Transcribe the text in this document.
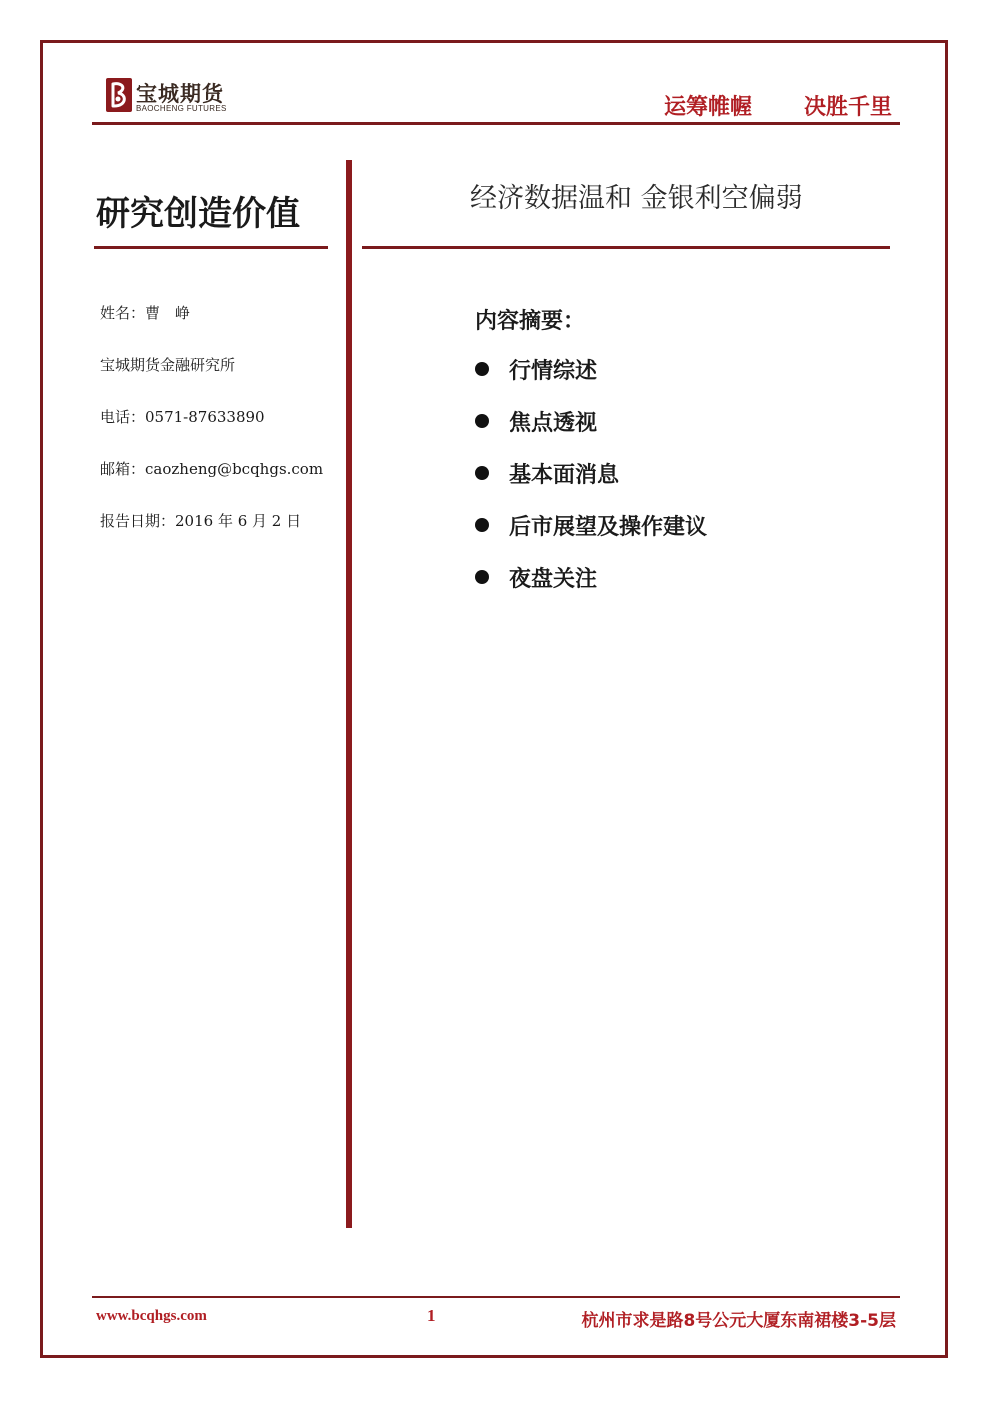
宝城期货
BAOCHENG FUTURES	运筹帷幄 决胜千里
研究创造价值
姓名：曹　峥
宝城期货金融研究所
电话：0571-87633890
邮箱：caozheng@bcqhgs.com
报告日期：2016 年 6 月 2 日
经济数据温和 金银利空偏弱
内容摘要：
行情综述
焦点透视
基本面消息
后市展望及操作建议
夜盘关注
www.bcqhgs.com	1	杭州市求是路8号公元大厦东南裙楼3-5层
